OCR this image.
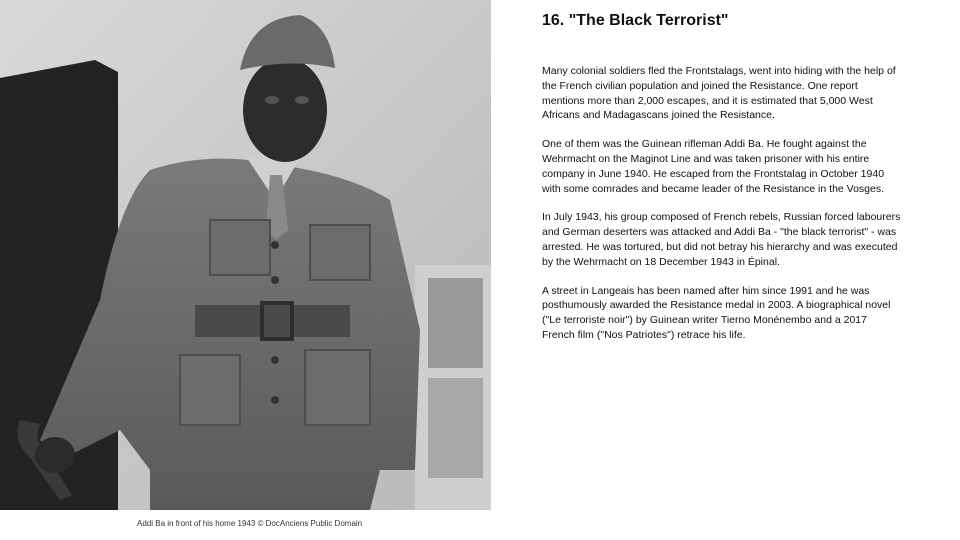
Addi Ba in front of his home 1943 © DocAnciens Public Domain
16. "The Black Terrorist"

Many colonial soldiers fled the Frontstalags, went into hiding with the help of the French civilian population and joined the Resistance. One report mentions more than 2,000 escapes, and it is estimated that 5,000 West Africans and Madagascans joined the Resistance.

One of them was the Guinean rifleman Addi Ba. He fought against the Wehrmacht on the Maginot Line and was taken prisoner with his entire company in June 1940. He escaped from the Frontstalag in October 1940 with some comrades and became leader of the Resistance in the Vosges.

In July 1943, his group composed of French rebels, Russian forced labourers and German deserters was attacked and Addi Ba - "the black terrorist" - was arrested. He was tortured, but did not betray his hierarchy and was executed by the Wehrmacht on 18 December 1943 in Épinal.

A street in Langeais has been named after him since 1991 and he was posthumously awarded the Resistance medal in 2003. A biographical novel ("Le terroriste noir") by Guinean writer Tierno Monénembo and a 2017 French film ("Nos Patriotes") retrace his life.
